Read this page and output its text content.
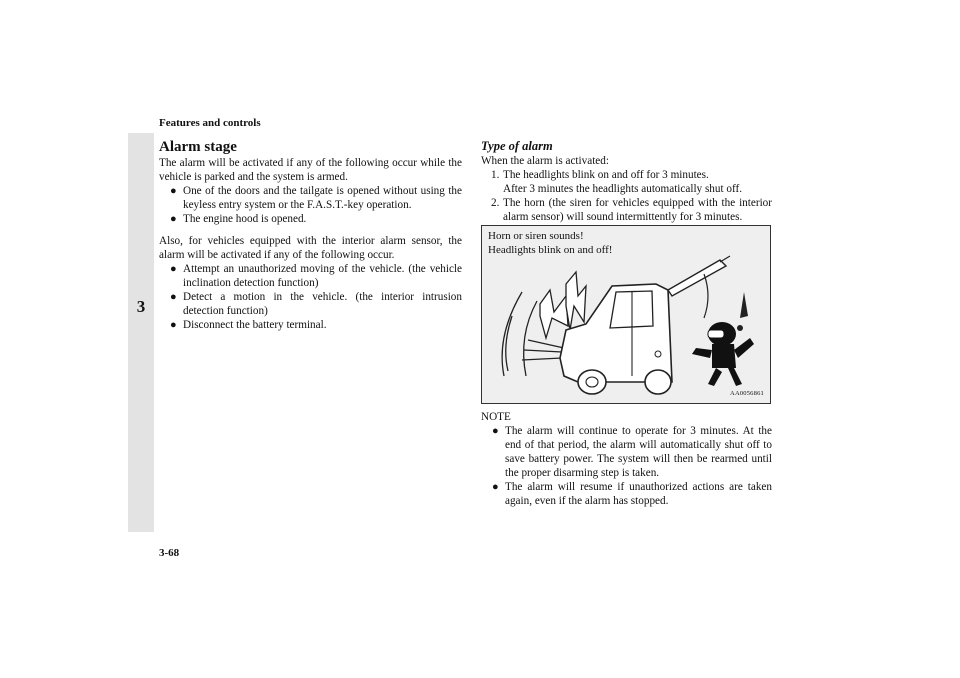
Features and controls
3
3-68

Alarm stage

The alarm will be activated if any of the following occur while the vehicle is parked and the system is armed.

● One of the doors and the tailgate is opened without using the keyless entry system or the F.A.S.T.-key operation.
● The engine hood is opened.

Also, for vehicles equipped with the interior alarm sensor, the alarm will be activated if any of the following occur.

● Attempt an unauthorized moving of the vehicle. (the vehicle inclination detection function)
● Detect a motion in the vehicle. (the interior intrusion detection function)
● Disconnect the battery terminal.

Type of alarm

When the alarm is activated:

1. The headlights blink on and off for 3 minutes.

After 3 minutes the headlights automatically shut off.

2. The horn (the siren for vehicles equipped with the interior alarm sensor) will sound intermittently for 3 minutes.
Horn or siren sounds!
Headlights blink on and off!
AA0056861

NOTE

● The alarm will continue to operate for 3 minutes. At the end of that period, the alarm will automatically shut off to save battery power. The system will then be rearmed until the proper disarming step is taken.
● The alarm will resume if unauthorized actions are taken again, even if the alarm has stopped.
